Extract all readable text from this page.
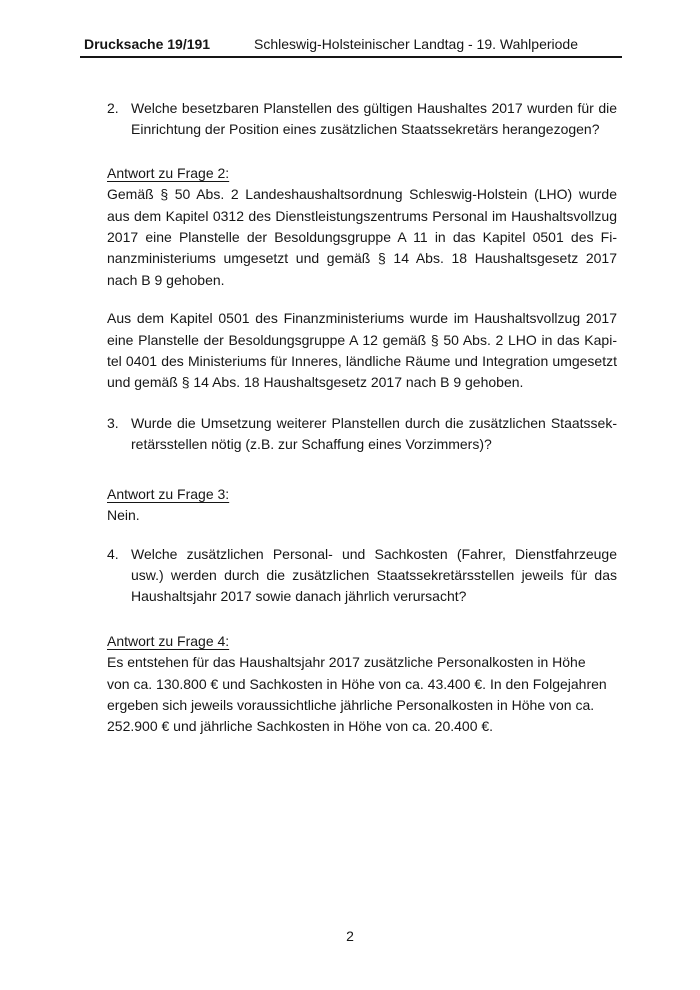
Drucksache 19/191	Schleswig-Holsteinischer Landtag - 19. Wahlperiode
2. Welche besetzbaren Planstellen des gültigen Haushaltes 2017 wurden für die
Einrichtung der Position eines zusätzlichen Staatssekretärs herangezogen?
Antwort zu Frage 2:
Gemäß § 50 Abs. 2 Landeshaushaltsordnung Schleswig-Holstein (LHO) wurde
aus dem Kapitel 0312 des Dienstleistungszentrums Personal im Haushaltsvollzug
2017 eine Planstelle der Besoldungsgruppe A 11 in das Kapitel 0501 des Fi-
nanzministeriums umgesetzt und gemäß § 14 Abs. 18 Haushaltsgesetz 2017
nach B 9 gehoben.
Aus dem Kapitel 0501 des Finanzministeriums wurde im Haushaltsvollzug 2017
eine Planstelle der Besoldungsgruppe A 12 gemäß § 50 Abs. 2 LHO in das Kapi-
tel 0401 des Ministeriums für Inneres, ländliche Räume und Integration umgesetzt
und gemäß § 14 Abs. 18 Haushaltsgesetz 2017 nach B 9 gehoben.
3. Wurde die Umsetzung weiterer Planstellen durch die zusätzlichen Staatssek-
retärsstellen nötig (z.B. zur Schaffung eines Vorzimmers)?
Antwort zu Frage 3:
Nein.
4. Welche zusätzlichen Personal- und Sachkosten (Fahrer, Dienstfahrzeuge
usw.) werden durch die zusätzlichen Staatssekretärsstellen jeweils für das
Haushaltsjahr 2017 sowie danach jährlich verursacht?
Antwort zu Frage 4:
Es entstehen für das Haushaltsjahr 2017 zusätzliche Personalkosten in Höhe
von ca. 130.800 € und Sachkosten in Höhe von ca. 43.400 €. In den Folgejahren
ergeben sich jeweils voraussichtliche jährliche Personalkosten in Höhe von ca.
252.900 € und jährliche Sachkosten in Höhe von ca. 20.400 €.
2
